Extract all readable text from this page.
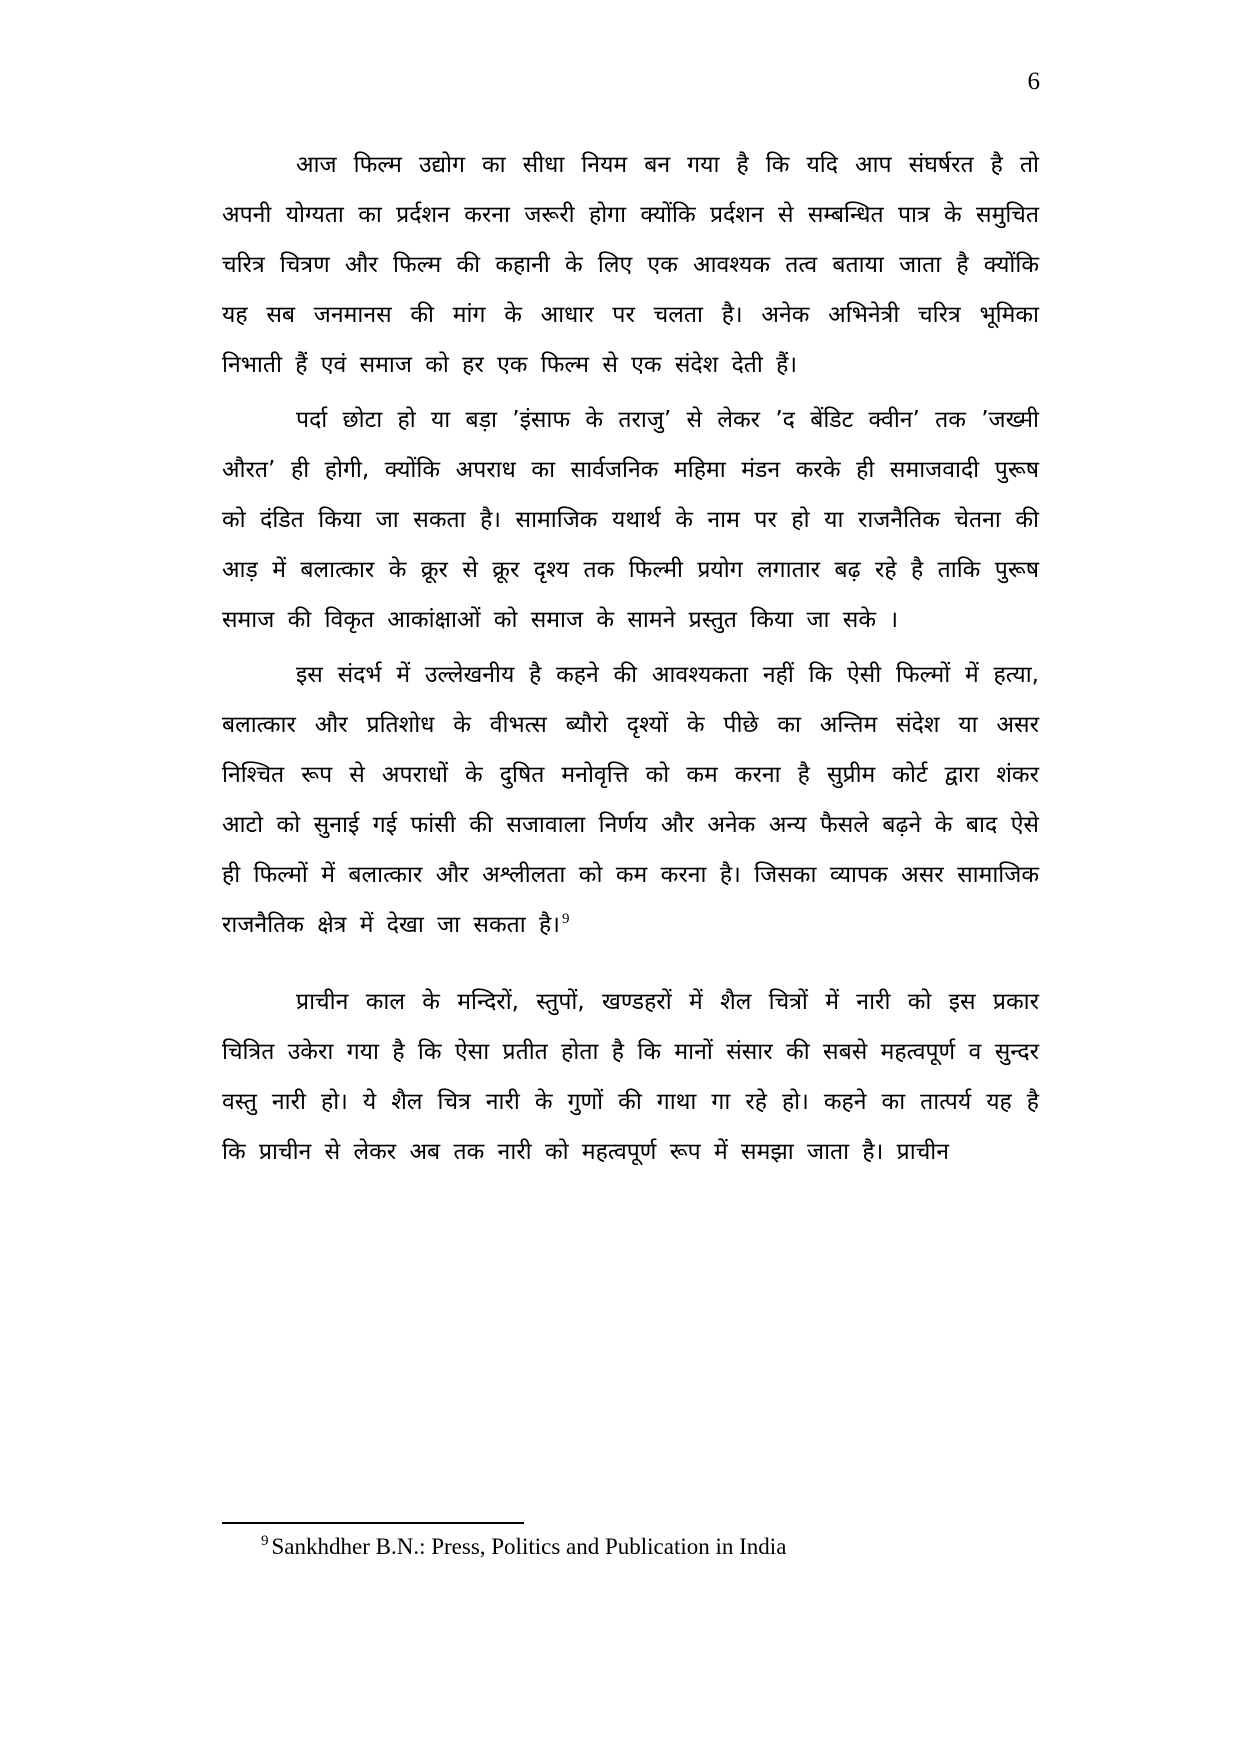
6

आज फिल्म उद्योग का सीधा नियम बन गया है कि यदि आप संघर्षरत है तो अपनी योग्यता का प्रर्दशन करना जरूरी होगा क्योंकि प्रर्दशन से सम्बन्धित पात्र के समुचित चरित्र चित्रण और फिल्म की कहानी के लिए एक आवश्यक तत्व बताया जाता है क्योंकि यह सब जनमानस की मांग के आधार पर चलता है। अनेक अभिनेत्री चरित्र भूमिका निभाती हैं एवं समाज को हर एक फिल्म से एक संदेश देती हैं।

पर्दा छोटा हो या बड़ा ’इंसाफ के तराजु’ से लेकर ’द बेंडिट क्वीन’ तक ’जख्मी औरत’ ही होगी, क्योंकि अपराध का सार्वजनिक महिमा मंडन करके ही समाजवादी पुरूष को दंडित किया जा सकता है। सामाजिक यथार्थ के नाम पर हो या राजनैतिक चेतना की आड़ में बलात्कार के क्रूर से क्रूर दृश्य तक फिल्मी प्रयोग लगातार बढ़ रहे है ताकि पुरूष समाज की विकृत आकांक्षाओं को समाज के सामने प्रस्तुत किया जा सके ।

इस संदर्भ में उल्लेखनीय है कहने की आवश्यकता नहीं कि ऐसी फिल्मों में हत्या, बलात्कार और प्रतिशोध के वीभत्स ब्यौरो दृश्यों के पीछे का अन्तिम संदेश या असर निश्चित रूप से अपराधों के दुषित मनोवृत्ति को कम करना है सुप्रीम कोर्ट द्वारा शंकर आटो को सुनाई गई फांसी की सजावाला निर्णय और अनेक अन्य फैसले बढ़ने के बाद ऐसे ही फिल्मों में बलात्कार और अश्लीलता को कम करना है। जिसका व्यापक असर सामाजिक राजनैतिक क्षेत्र में देखा जा सकता है। $^9$

प्राचीन काल के मन्दिरों, स्तुपों, खण्डहरों में शैल चित्रों में नारी को इस प्रकार चित्रित उकेरा गया है कि ऐसा प्रतीत होता है कि मानों संसार की सबसे महत्वपूर्ण व सुन्दर वस्तु नारी हो। ये शैल चित्र नारी के गुणों की गाथा गा रहे हो। कहने का तात्पर्य यह है कि प्राचीन से लेकर अब तक नारी को महत्वपूर्ण रूप में समझा जाता है। प्राचीन

$^9$ Sankhdher B.N.: Press, Politics and Publication in India
